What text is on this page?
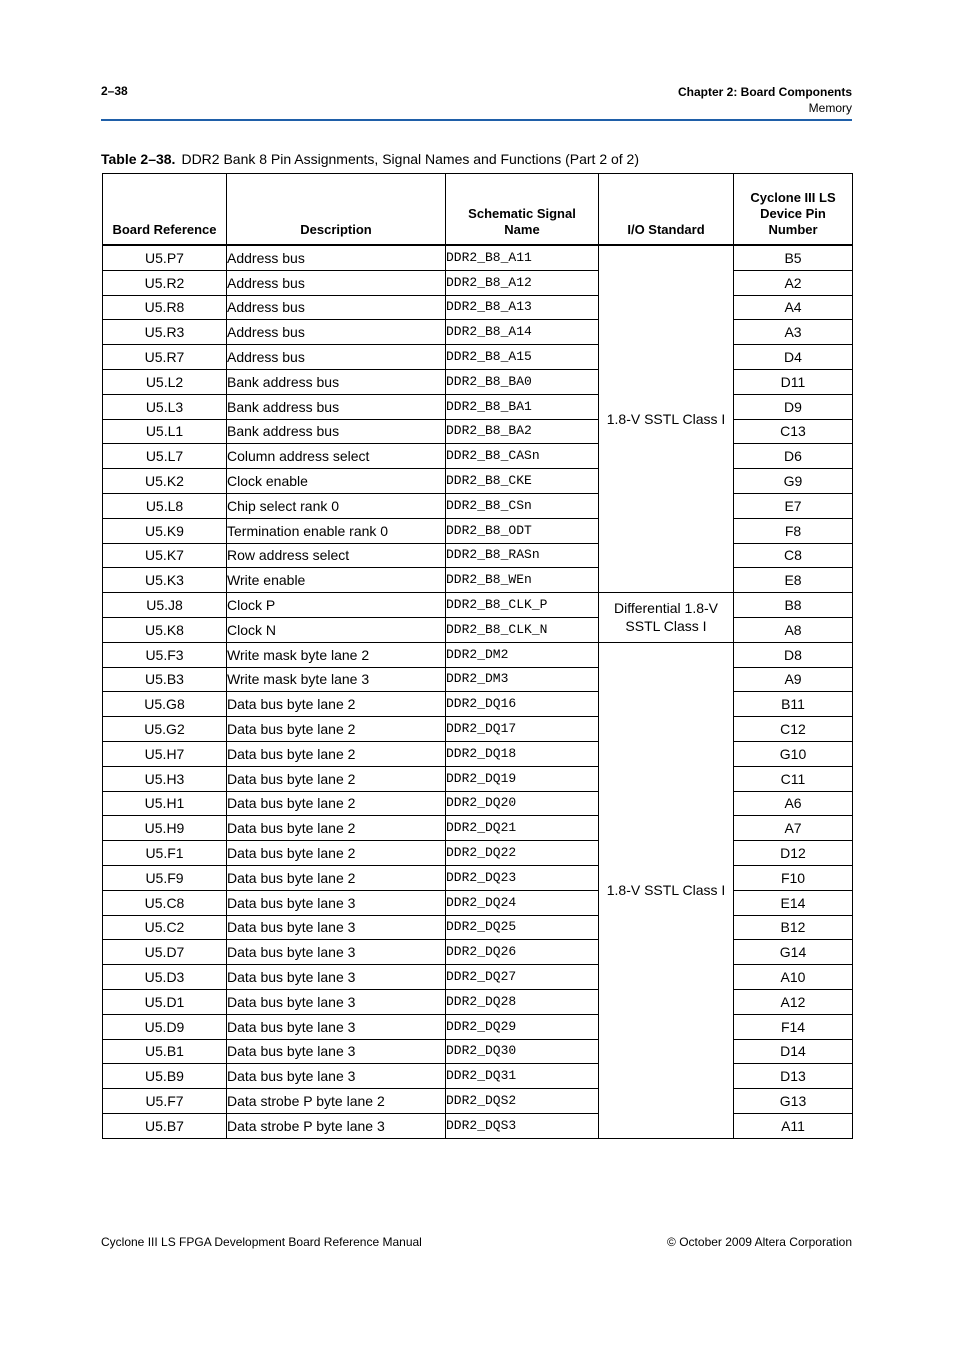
2–38	Chapter 2: Board Components
Memory
Table 2–38. DDR2 Bank 8 Pin Assignments, Signal Names and Functions (Part 2 of 2)
Board Reference	Description	Schematic Signal Name	I/O Standard	Cyclone III LS Device Pin Number
U5.P7	Address bus	DDR2_B8_A11	1.8-V SSTL Class I	B5
U5.R2	Address bus	DDR2_B8_A12		A2
U5.R8	Address bus	DDR2_B8_A13		A4
U5.R3	Address bus	DDR2_B8_A14		A3
U5.R7	Address bus	DDR2_B8_A15		D4
U5.L2	Bank address bus	DDR2_B8_BA0		D11
U5.L3	Bank address bus	DDR2_B8_BA1		D9
U5.L1	Bank address bus	DDR2_B8_BA2		C13
U5.L7	Column address select	DDR2_B8_CASn		D6
U5.K2	Clock enable	DDR2_B8_CKE		G9
U5.L8	Chip select rank 0	DDR2_B8_CSn		E7
U5.K9	Termination enable rank 0	DDR2_B8_ODT		F8
U5.K7	Row address select	DDR2_B8_RASn		C8
U5.K3	Write enable	DDR2_B8_WEn		E8
U5.J8	Clock P	DDR2_B8_CLK_P	Differential 1.8-V SSTL Class I	B8
U5.K8	Clock N	DDR2_B8_CLK_N		A8
U5.F3	Write mask byte lane 2	DDR2_DM2	1.8-V SSTL Class I	D8
U5.B3	Write mask byte lane 3	DDR2_DM3		A9
U5.G8	Data bus byte lane 2	DDR2_DQ16		B11
U5.G2	Data bus byte lane 2	DDR2_DQ17		C12
U5.H7	Data bus byte lane 2	DDR2_DQ18		G10
U5.H3	Data bus byte lane 2	DDR2_DQ19		C11
U5.H1	Data bus byte lane 2	DDR2_DQ20		A6
U5.H9	Data bus byte lane 2	DDR2_DQ21		A7
U5.F1	Data bus byte lane 2	DDR2_DQ22		D12
U5.F9	Data bus byte lane 2	DDR2_DQ23		F10
U5.C8	Data bus byte lane 3	DDR2_DQ24		E14
U5.C2	Data bus byte lane 3	DDR2_DQ25		B12
U5.D7	Data bus byte lane 3	DDR2_DQ26		G14
U5.D3	Data bus byte lane 3	DDR2_DQ27		A10
U5.D1	Data bus byte lane 3	DDR2_DQ28		A12
U5.D9	Data bus byte lane 3	DDR2_DQ29		F14
U5.B1	Data bus byte lane 3	DDR2_DQ30		D14
U5.B9	Data bus byte lane 3	DDR2_DQ31		D13
U5.F7	Data strobe P byte lane 2	DDR2_DQS2		G13
U5.B7	Data strobe P byte lane 3	DDR2_DQS3		A11
Cyclone III LS FPGA Development Board Reference Manual	© October 2009 Altera Corporation
